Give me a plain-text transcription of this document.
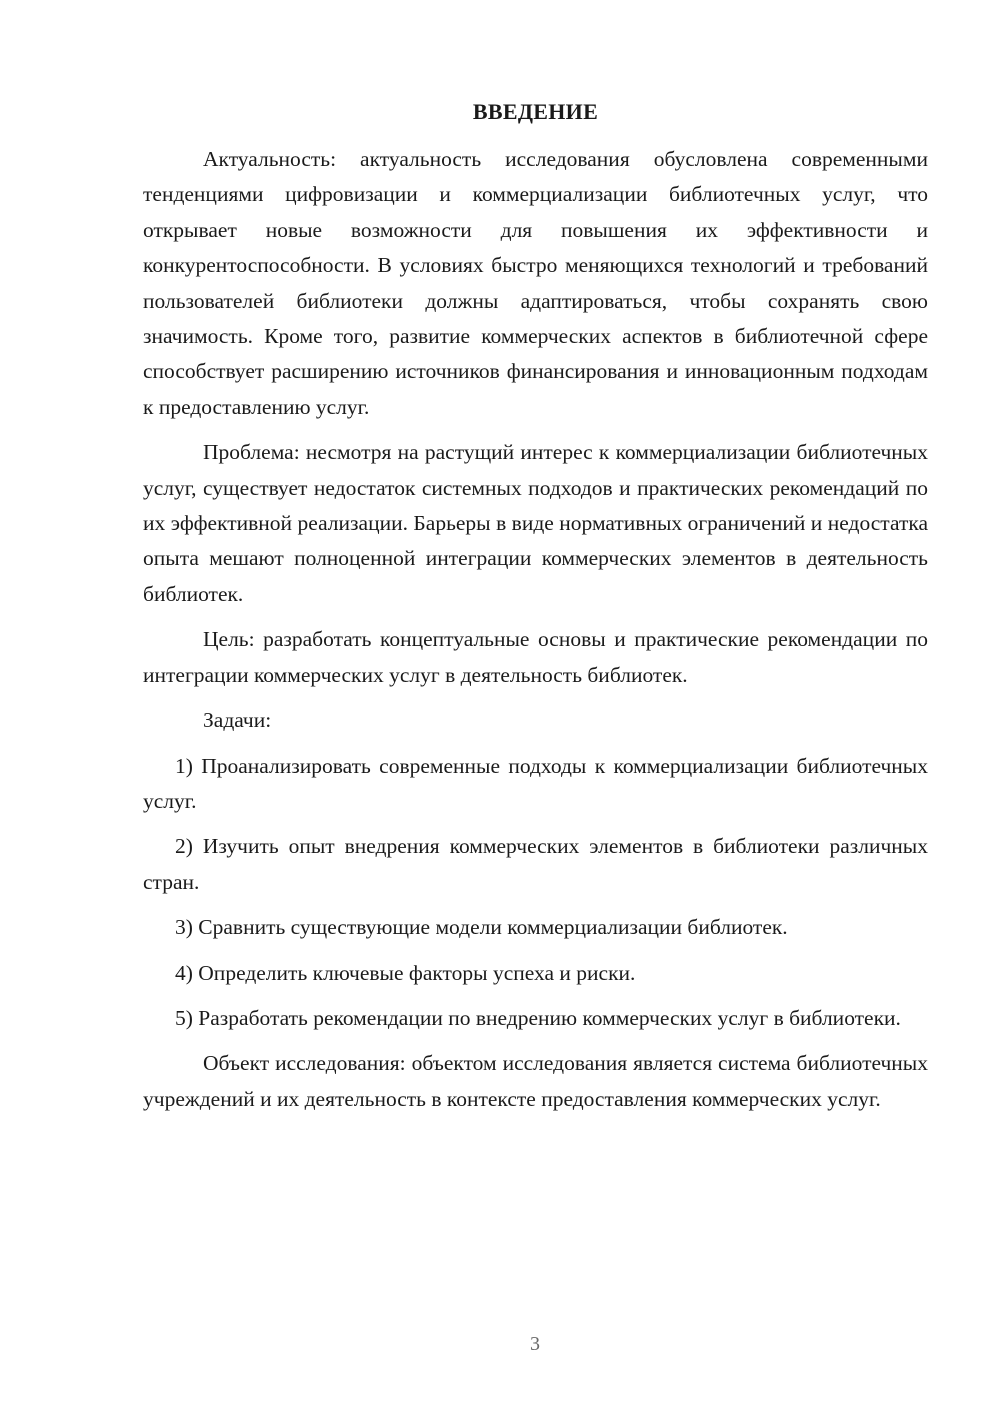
ВВЕДЕНИЕ

Актуальность: актуальность исследования обусловлена современными тенденциями цифровизации и коммерциализации библиотечных услуг, что открывает новые возможности для повышения их эффективности и конкурентоспособности. В условиях быстро меняющихся технологий и требований пользователей библиотеки должны адаптироваться, чтобы сохранять свою значимость. Кроме того, развитие коммерческих аспектов в библиотечной сфере способствует расширению источников финансирования и инновационным подходам к предоставлению услуг.

Проблема: несмотря на растущий интерес к коммерциализации библиотечных услуг, существует недостаток системных подходов и практических рекомендаций по их эффективной реализации. Барьеры в виде нормативных ограничений и недостатка опыта мешают полноценной интеграции коммерческих элементов в деятельность библиотек.

Цель: разработать концептуальные основы и практические рекомендации по интеграции коммерческих услуг в деятельность библиотек.

Задачи:

1) Проанализировать современные подходы к коммерциализации библиотечных услуг.

2) Изучить опыт внедрения коммерческих элементов в библиотеки различных стран.

3) Сравнить существующие модели коммерциализации библиотек.

4) Определить ключевые факторы успеха и риски.

5) Разработать рекомендации по внедрению коммерческих услуг в библиотеки.

Объект исследования: объектом исследования является система библиотечных учреждений и их деятельность в контексте предоставления коммерческих услуг.

3
